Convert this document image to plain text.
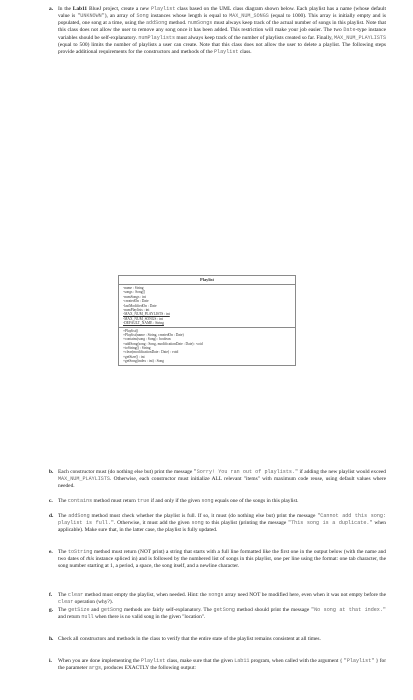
a. In the Lab11 BlueJ project, create a new Playlist class based on the UML class diagram shown below. Each playlist has a name (whose default value is "UNKNOWN"), an array of Song instances whose length is equal to MAX_NUM_SONGS (equal to 1000). This array is initially empty and is populated, one song at a time, using the addSong method. numSongs must always keep track of the actual number of songs in this playlist. Note that this class does not allow the user to remove any song once it has been added. This restriction will make your job easier. The two Date-type instance variables should be self-explanatory. numPlaylists must always keep track of the number of playlists created so far. Finally, MAX_NUM_PLAYLISTS (equal to 500) limits the number of playlists a user can create. Note that this class does not allow the user to delete a playlist. The following steps provide additional requirements for the constructors and methods of the Playlist class.

Playlist
-name : String
-songs : Song[]
-numSongs : int
-createdOn : Date
-lastModifiedOn : Date
-numPlaylists : int
-MAX_NUM_PLAYLISTS : int
-MAX_NUM_SONGS : int
-DEFAULT_NAME : String
+Playlist()
+Playlist(name : String, createdOn : Date)
+contains(song : Song) : boolean
+addSong(song : Song, modificationDate : Date) : void
+toString() : String
+clear(modificationDate : Date) : void
+getSize() : int
+getSong(index : int) : Song
b. Each constructor must (do nothing else but) print the message "Sorry! You ran out of playlists." if adding the new playlist would exceed MAX_NUM_PLAYLISTS. Otherwise, each constructor must initialize ALL relevant "items" with maximum code reuse, using default values where needed.

c. The contains method must return true if and only if the given song equals one of the songs in this playlist.

d. The addSong method must check whether the playlist is full. If so, it must (do nothing else but) print the message "Cannot add this song: playlist is full.". Otherwise, it must add the given song to this playlist (printing the message "This song is a duplicate." when applicable). Make sure that, in the latter case, the playlist is fully updated.

e. The toString method must return (NOT print) a string that starts with a full line formatted like the first one in the output below (with the name and two dates of this instance spliced in) and is followed by the numbered list of songs in this playlist, one per line using the format: one tab character, the song number starting at 1, a period, a space, the song itself, and a newline character.

f. The clear method must empty the playlist, when needed. Hint: the songs array need NOT be modified here, even when it was not empty before the clear operation (why?).

g. The getSize and getSong methods are fairly self-explanatory. The getSong method should print the message "No song at that index." and return null when there is no valid song in the given "location".

h. Check all constructors and methods in the class to verify that the entire state of the playlist remains consistent at all times.

i. When you are done implementing the Playlist class, make sure that the given Lab11 program, when called with the argument { "Playlist" } for the parameter args, produces EXACTLY the following output:
